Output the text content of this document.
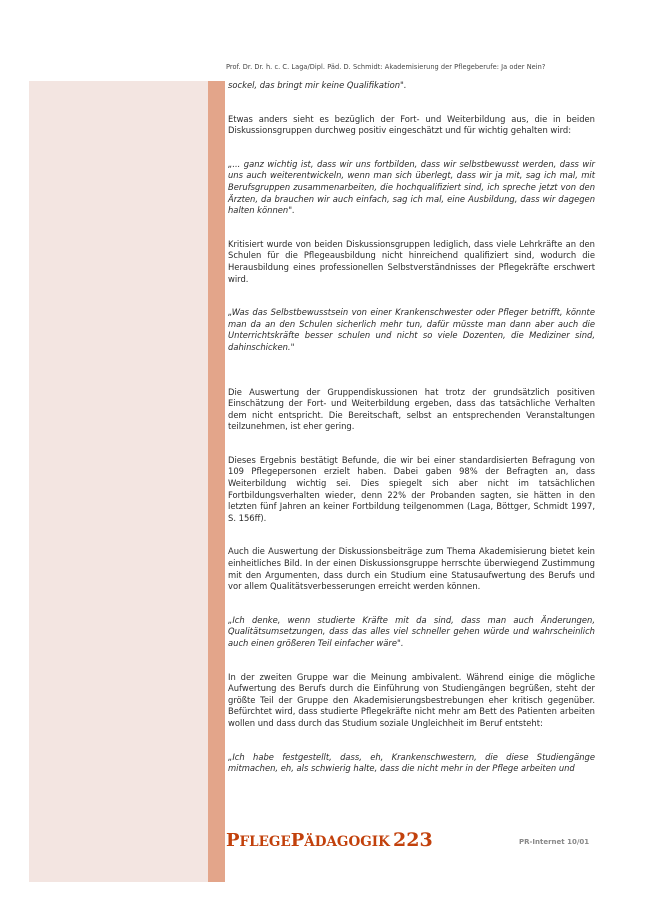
Prof. Dr. Dr. h. c. C. Laga/Dipl. Päd. D. Schmidt: Akademisierung der Pflegeberufe: Ja oder Nein?

sockel, das bringt mir keine Qualifikation".

Etwas anders sieht es bezüglich der Fort- und Weiterbildung aus, die in beiden Diskussionsgruppen durchweg positiv eingeschätzt und für wichtig gehalten wird:

„... ganz wichtig ist, dass wir uns fortbilden, dass wir selbstbewusst werden, dass wir uns auch weiterentwickeln, wenn man sich überlegt, dass wir ja mit, sag ich mal, mit Berufsgruppen zusammenarbeiten, die hochqualifiziert sind, ich spreche jetzt von den Ärzten, da brauchen wir auch einfach, sag ich mal, eine Ausbildung, dass wir dagegen halten können".

Kritisiert wurde von beiden Diskussionsgruppen lediglich, dass viele Lehrkräfte an den Schulen für die Pflegeausbildung nicht hinreichend qualifiziert sind, wodurch die Herausbildung eines professionellen Selbstverständnisses der Pflegekräfte erschwert wird.

„Was das Selbstbewusstsein von einer Krankenschwester oder Pfleger betrifft, könnte man da an den Schulen sicherlich mehr tun, dafür müsste man dann aber auch die Unterrichtskräfte besser schulen und nicht so viele Dozenten, die Mediziner sind, dahinschicken."

Die Auswertung der Gruppendiskussionen hat trotz der grundsätzlich positiven Einschätzung der Fort- und Weiterbildung ergeben, dass das tatsächliche Verhalten dem nicht entspricht. Die Bereitschaft, selbst an entsprechenden Veranstaltungen teilzunehmen, ist eher gering.

Dieses Ergebnis bestätigt Befunde, die wir bei einer standardisierten Befragung von 109 Pflegepersonen erzielt haben. Dabei gaben 98% der Befragten an, dass Weiterbildung wichtig sei. Dies spiegelt sich aber nicht im tatsächlichen Fortbildungsverhalten wieder, denn 22% der Probanden sagten, sie hätten in den letzten fünf Jahren an keiner Fortbildung teilgenommen (Laga, Böttger, Schmidt 1997, S. 156ff).

Auch die Auswertung der Diskussionsbeiträge zum Thema Akademisierung bietet kein einheitliches Bild. In der einen Diskussionsgruppe herrschte überwiegend Zustimmung mit den Argumenten, dass durch ein Studium eine Statusaufwertung des Berufs und vor allem Qualitätsverbesserungen erreicht werden können.

„Ich denke, wenn studierte Kräfte mit da sind, dass man auch Änderungen, Qualitätsumsetzungen, dass das alles viel schneller gehen würde und wahrscheinlich auch einen größeren Teil einfacher wäre".

In der zweiten Gruppe war die Meinung ambivalent. Während einige die mögliche Aufwertung des Berufs durch die Einführung von Studiengängen begrüßen, steht der größte Teil der Gruppe den Akademisierungsbestrebungen eher kritisch gegenüber. Befürchtet wird, dass studierte Pflegekräfte nicht mehr am Bett des Patienten arbeiten wollen und dass durch das Studium soziale Ungleichheit im Beruf entsteht:

„Ich habe festgestellt, dass, eh, Krankenschwestern, die diese Studiengänge mitmachen, eh, als schwierig halte, dass die nicht mehr in der Pflege arbeiten und

PFLEGEPÄDAGOGIK 223	PR-Internet 10/01
